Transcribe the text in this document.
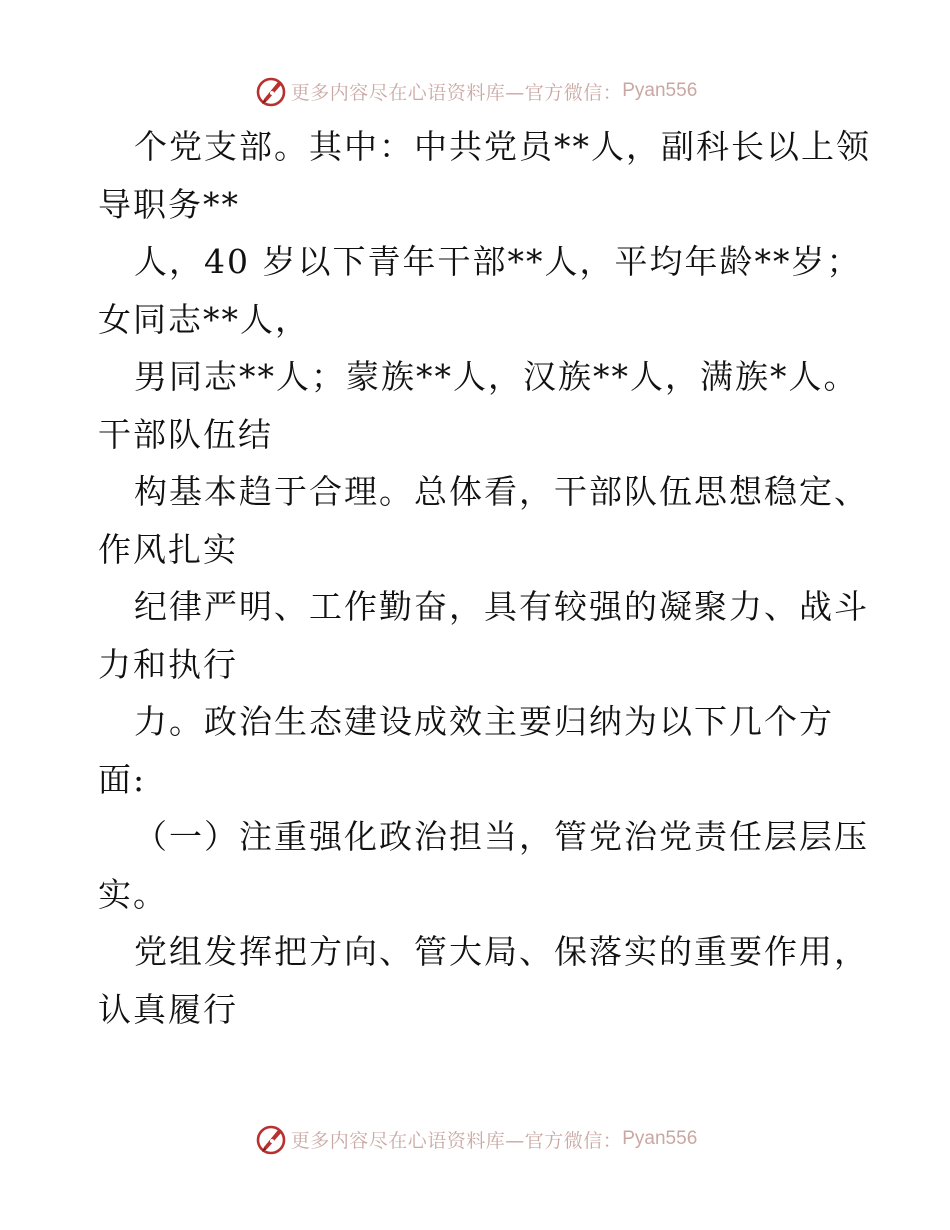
更多内容尽在心语资料库—官方微信： Pyan556
个党支部。其中：中共党员**人，副科长以上领
导职务**
人，40 岁以下青年干部**人，平均年龄**岁；
女同志**人，
男同志**人；蒙族**人，汉族**人，满族*人。
干部队伍结
构基本趋于合理。总体看，干部队伍思想稳定、
作风扎实
纪律严明、工作勤奋，具有较强的凝聚力、战斗
力和执行
力。政治生态建设成效主要归纳为以下几个方
面:
（一）注重强化政治担当，管党治党责任层层压
实。
党组发挥把方向、管大局、保落实的重要作用，
认真履行
更多内容尽在心语资料库—官方微信： Pyan556
